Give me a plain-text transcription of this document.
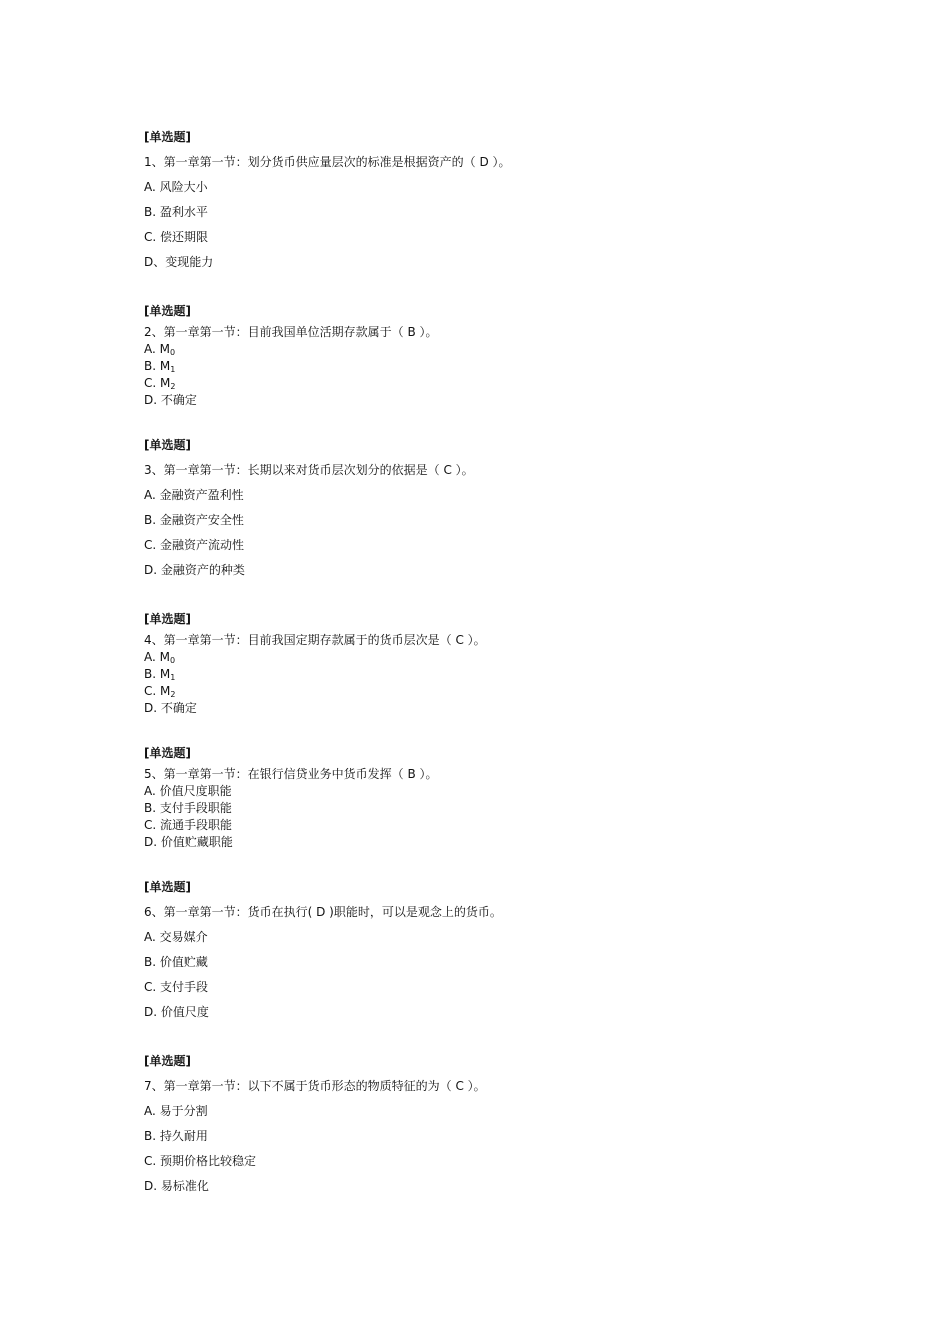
[单选题]
1、第一章第一节：划分货币供应量层次的标准是根据资产的（ D ）。
A. 风险大小
B. 盈利水平
C. 偿还期限
D、变现能力
[单选题]
2、第一章第一节：目前我国单位活期存款属于（ B ）。
A. $M_0$
B. $M_1$
C. $M_2$
D. 不确定
[单选题]
3、第一章第一节：长期以来对货币层次划分的依据是（ C ）。
A. 金融资产盈利性
B. 金融资产安全性
C. 金融资产流动性
D. 金融资产的种类
[单选题]
4、第一章第一节：目前我国定期存款属于的货币层次是（ C ）。
A. $M_0$
B. $M_1$
C. $M_2$
D. 不确定
[单选题]
5、第一章第一节：在银行信贷业务中货币发挥（ B ）。
A. 价值尺度职能
B. 支付手段职能
C. 流通手段职能
D. 价值贮藏职能
[单选题]
6、第一章第一节：货币在执行( D )职能时，可以是观念上的货币。
A. 交易媒介
B. 价值贮藏
C. 支付手段
D. 价值尺度
[单选题]
7、第一章第一节：以下不属于货币形态的物质特征的为（ C ）。
A. 易于分割
B. 持久耐用
C. 预期价格比较稳定
D. 易标准化
